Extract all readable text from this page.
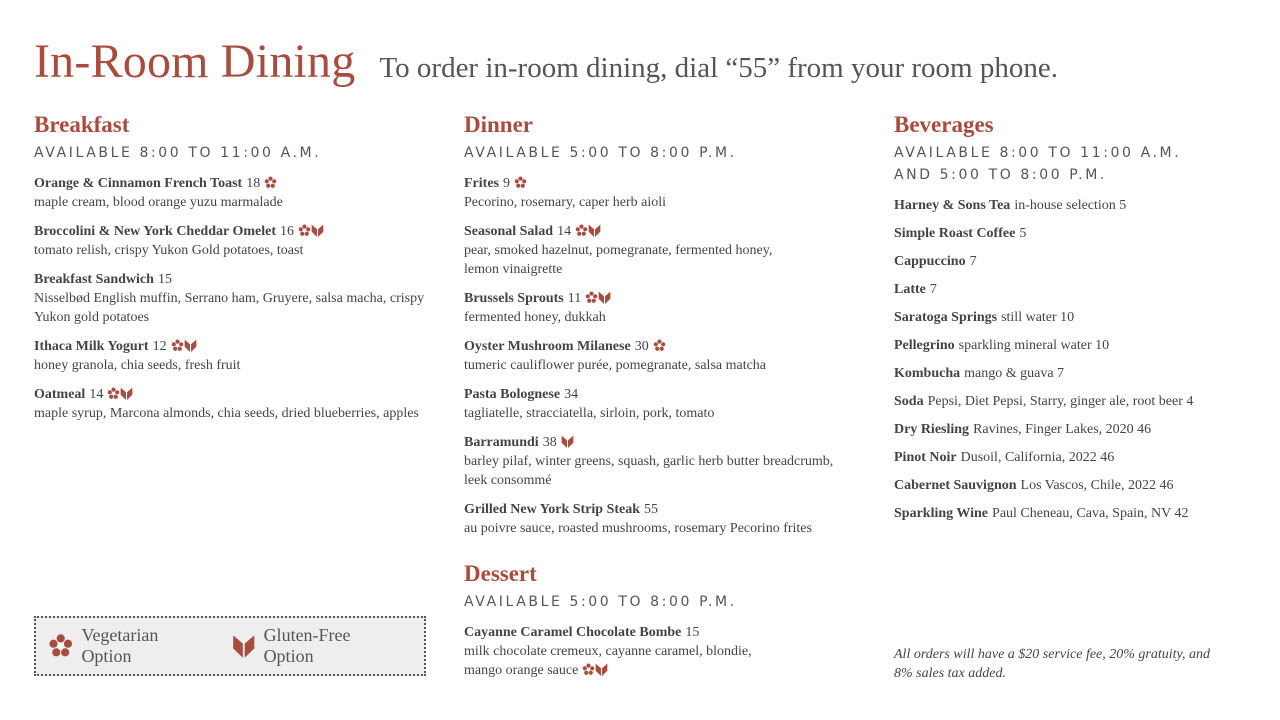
In-Room Dining To order in-room dining, dial “55” from your room phone.
Breakfast
AVAILABLE 8:00 TO 11:00 A.M.
Orange & Cinnamon French Toast 18
maple cream, blood orange yuzu marmalade
Broccolini & New York Cheddar Omelet 16
tomato relish, crispy Yukon Gold potatoes, toast
Breakfast Sandwich 15
Nisselbød English muffin, Serrano ham, Gruyere, salsa macha, crispy Yukon gold potatoes
Ithaca Milk Yogurt 12
honey granola, chia seeds, fresh fruit
Oatmeal 14
maple syrup, Marcona almonds, chia seeds, dried blueberries, apples
Dinner
AVAILABLE 5:00 TO 8:00 P.M.
Frites 9
Pecorino, rosemary, caper herb aioli
Seasonal Salad 14
pear, smoked hazelnut, pomegranate, fermented honey, lemon vinaigrette
Brussels Sprouts 11
fermented honey, dukkah
Oyster Mushroom Milanese 30
tumeric cauliflower purée, pomegranate, salsa matcha
Pasta Bolognese 34
tagliatelle, stracciatella, sirloin, pork, tomato
Barramundi 38
barley pilaf, winter greens, squash, garlic herb butter breadcrumb, leek consommé
Grilled New York Strip Steak 55
au poivre sauce, roasted mushrooms, rosemary Pecorino frites
Dessert
AVAILABLE 5:00 TO 8:00 P.M.
Cayanne Caramel Chocolate Bombe 15
milk chocolate cremeux, cayanne caramel, blondie,
mango orange sauce
Beverages
AVAILABLE 8:00 TO 11:00 A.M.
AND 5:00 TO 8:00 P.M.
Harney & Sons Tea in-house selection 5
Simple Roast Coffee 5
Cappuccino 7
Latte 7
Saratoga Springs still water 10
Pellegrino sparkling mineral water 10
Kombucha mango & guava 7
Soda Pepsi, Diet Pepsi, Starry, ginger ale, root beer 4
Dry Riesling Ravines, Finger Lakes, 2020 46
Pinot Noir Dusoil, California, 2022 46
Cabernet Sauvignon Los Vascos, Chile, 2022 46
Sparkling Wine Paul Cheneau, Cava, Spain, NV 42
Vegetarian Option
Gluten-Free Option	All orders will have a $20 service fee, 20% gratuity, and 8% sales tax added.
